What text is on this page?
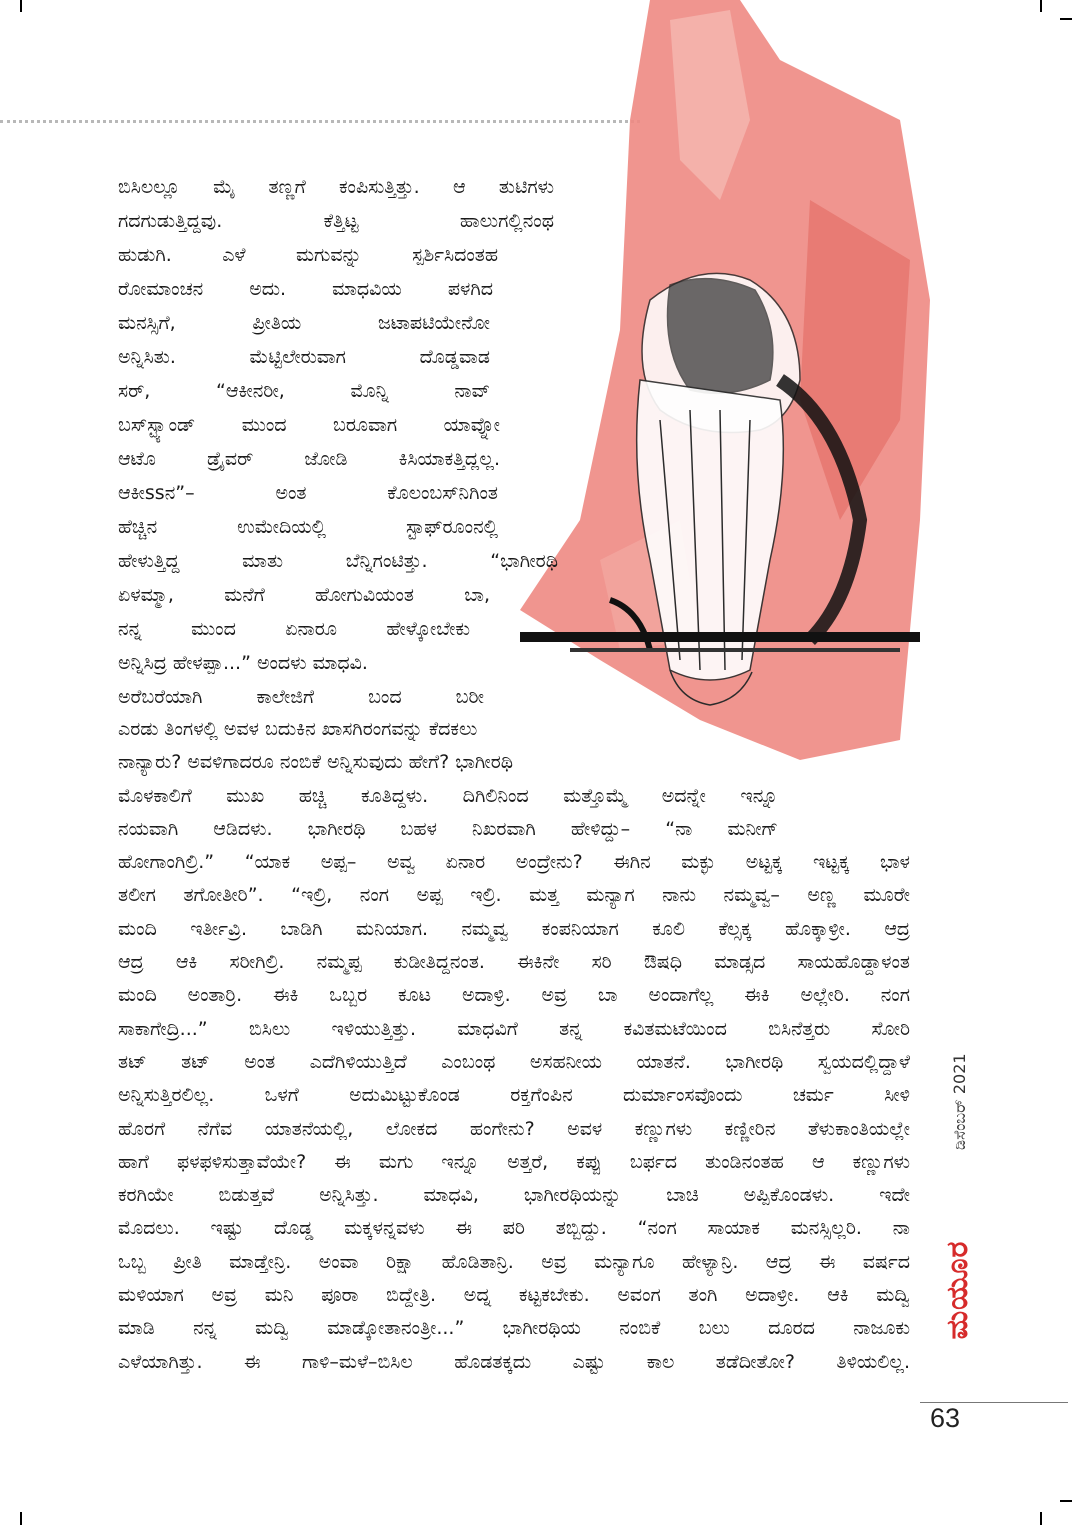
ಬಿಸಿಲಲ್ಲೂ ಮೈ ತಣ್ಣಗೆ ಕಂಪಿಸುತ್ತಿತ್ತು. ಆ ತುಟಿಗಳು
ಗದಗುಡುತ್ತಿದ್ದವು. ಕೆತ್ತಿಟ್ಟ ಹಾಲುಗಲ್ಲಿನಂಥ
ಹುಡುಗಿ. ಎಳೆ ಮಗುವನ್ನು ಸ್ಪರ್ಶಿಸಿದಂತಹ
ರೋಮಾಂಚನ ಅದು. ಮಾಧವಿಯ ಪಳಗಿದ
ಮನಸ್ಸಿಗೆ, ಪ್ರೀತಿಯ ಜಟಾಪಟಿಯೇನೋ
ಅನ್ನಿಸಿತು. ಮೆಟ್ಟಿಲೇರುವಾಗ ದೊಡ್ಡವಾಡ
ಸರ್, “ಆಕೀನರೀ, ಮೊನ್ನಿ ನಾವ್
ಬಸ್‌ಸ್ಟ್ಯಾಂಡ್ ಮುಂದ ಬರೂವಾಗ ಯಾವ್ನೋ
ಆಟೊ ಡ್ರೈವರ್ ಜೋಡಿ ಕಿಸಿಯಾಕತ್ತಿದ್ಲಲ್ಲ.
ಆಕೀssನ”– ಅಂತ ಕೊಲಂಬಸ್‌ನಿಗಿಂತ
ಹೆಚ್ಚಿನ ಉಮೇದಿಯಲ್ಲಿ ಸ್ಟಾಫ್‌ರೂಂನಲ್ಲಿ
ಹೇಳುತ್ತಿದ್ದ ಮಾತು ಬೆನ್ನಿಗಂಟಿತ್ತು. “ಭಾಗೀರಥಿ
ಏಳಮ್ಮಾ, ಮನೆಗೆ ಹೋಗುವಿಯಂತ ಬಾ,
ನನ್ನ ಮುಂದ ಏನಾರೂ ಹೇಳ್ಕೋಬೇಕು
ಅನ್ನಿಸಿದ್ರ ಹೇಳಪ್ಪಾ...” ಅಂದಳು ಮಾಧವಿ.
ಅರೆಬರೆಯಾಗಿ ಕಾಲೇಜಿಗೆ ಬಂದ ಬರೀ

ಎರಡು ತಿಂಗಳಲ್ಲಿ ಅವಳ ಬದುಕಿನ ಖಾಸಗಿರಂಗವನ್ನು ಕೆದಕಲು
ನಾನ್ಯಾರು? ಅವಳಿಗಾದರೂ ನಂಬಿಕೆ ಅನ್ನಿಸುವುದು ಹೇಗೆ? ಭಾಗೀರಥಿ
ಮೊಳಕಾಲಿಗೆ ಮುಖ ಹಚ್ಚಿ ಕೂತಿದ್ದಳು. ದಿಗಿಲಿನಿಂದ ಮತ್ತೊಮ್ಮೆ ಅದನ್ನೇ ಇನ್ನೂ
ನಯವಾಗಿ ಆಡಿದಳು. ಭಾಗೀರಥಿ ಬಹಳ ನಿಖರವಾಗಿ ಹೇಳಿದ್ದು– “ನಾ ಮನೀಗ್
ಹೋಗಾಂಗಿಲ್ರಿ.” “ಯಾಕ ಅಪ್ಪ– ಅವ್ವ ಏನಾರ ಅಂದ್ರೇನು? ಈಗಿನ ಮಕ್ಳು ಅಟ್ಟಕ್ಕ ಇಟ್ಟಕ್ಕ ಭಾಳ
ತಲೀಗ ತಗೋತೀರಿ”. “ಇಲ್ರಿ, ನಂಗ ಅಪ್ಪ ಇಲ್ರಿ. ಮತ್ತ ಮನ್ಯಾಗ ನಾನು ನಮ್ಮವ್ವ– ಅಣ್ಣ ಮೂರೇ
ಮಂದಿ ಇರ್ತೀವ್ರಿ. ಬಾಡಿಗಿ ಮನಿಯಾಗ. ನಮ್ಮವ್ವ ಕಂಪನಿಯಾಗ ಕೂಲಿ ಕೆಲ್ಸಕ್ಕ ಹೊಕ್ಕಾಳ್ರೀ. ಆದ್ರ
ಆದ್ರ ಆಕಿ ಸರೀಗಿಲ್ರಿ. ನಮ್ಮಪ್ಪ ಕುಡೀತಿದ್ದನಂತ. ಈಕಿನೇ ಸರಿ ಔಷಧಿ ಮಾಡ್ಸದ ಸಾಯಹೊಡ್ದಾಳಂತ
ಮಂದಿ ಅಂತಾರ್ರಿ. ಈಕಿ ಒಬ್ಬರ ಕೂಟ ಅದಾಳ್ರಿ. ಅವ್ರ ಬಾ ಅಂದಾಗೆಲ್ಲ ಈಕಿ ಅಲ್ಲೇರಿ. ನಂಗ
ಸಾಕಾಗೇದ್ರಿ...” ಬಿಸಿಲು ಇಳಿಯುತ್ತಿತ್ತು. ಮಾಧವಿಗೆ ತನ್ನ ಕವಿತಮಟೆಯಿಂದ ಬಿಸಿನೆತ್ತರು ಸೋರಿ
ತಟ್ ತಟ್ ಅಂತ ಎದೆಗಿಳಿಯುತ್ತಿದೆ ಎಂಬಂಥ ಅಸಹನೀಯ ಯಾತನೆ. ಭಾಗೀರಥಿ ಸ್ವಯದಲ್ಲಿದ್ದಾಳೆ
ಅನ್ನಿಸುತ್ತಿರಲಿಲ್ಲ. ಒಳಗೆ ಅದುಮಿಟ್ಟುಕೊಂಡ ರಕ್ತಗೆಂಪಿನ ದುರ್ಮಾಂಸವೊಂದು ಚರ್ಮ ಸೀಳಿ
ಹೊರಗೆ ನೆಗೆವ ಯಾತನೆಯಲ್ಲಿ, ಲೋಕದ ಹಂಗೇನು? ಅವಳ ಕಣ್ಣುಗಳು ಕಣ್ಣೀರಿನ ತೆಳುಕಾಂತಿಯಲ್ಲೇ
ಹಾಗೆ ಫಳಫಳಿಸುತ್ತಾವೆಯೇ? ಈ ಮಗು ಇನ್ನೂ ಅತ್ತರೆ, ಕಪ್ಪು ಬರ್ಫದ ತುಂಡಿನಂತಹ ಆ ಕಣ್ಣುಗಳು
ಕರಗಿಯೇ ಬಿಡುತ್ತವೆ ಅನ್ನಿಸಿತ್ತು. ಮಾಧವಿ, ಭಾಗೀರಥಿಯನ್ನು ಬಾಚಿ ಅಪ್ಪಿಕೊಂಡಳು. ಇದೇ
ಮೊದಲು. ಇಷ್ಟು ದೊಡ್ಡ ಮಕ್ಕಳನ್ನವಳು ಈ ಪರಿ ತಬ್ಬಿದ್ದು. “ನಂಗ ಸಾಯಾಕ ಮನಸ್ಸಿಲ್ಲರಿ. ನಾ
ಒಬ್ಬ ಪ್ರೀತಿ ಮಾಡ್ತೇನ್ರಿ. ಅಂವಾ ರಿಕ್ಷಾ ಹೊಡಿತಾನ್ರಿ. ಅವ್ರ ಮನ್ಯಾಗೂ ಹೇಳ್ಯಾನ್ರಿ. ಆದ್ರ ಈ ವರ್ಷದ
ಮಳಿಯಾಗ ಅವ್ರ ಮನಿ ಪೂರಾ ಬಿದ್ದೇತ್ರಿ. ಅದ್ನ ಕಟ್ಟಕಬೇಕು. ಅವಂಗ ತಂಗಿ ಅದಾಳ್ರೀ. ಆಕಿ ಮದ್ವಿ
ಮಾಡಿ ನನ್ನ ಮದ್ವಿ ಮಾಡ್ಕೋತಾನಂತ್ರೀ...” ಭಾಗೀರಥಿಯ ನಂಬಿಕೆ ಬಲು ದೂರದ ನಾಜೂಕು
ಎಳೆಯಾಗಿತ್ತು. ಈ ಗಾಳಿ–ಮಳೆ–ಬಿಸಿಲ ಹೊಡತಕ್ಕದು ಎಷ್ಟು ಕಾಲ ತಡೆದೀತೋ? ತಿಳಿಯಲಿಲ್ಲ.

ಡಿಸೆಂಬರ್ 2021
ಮಯೂರ
63
